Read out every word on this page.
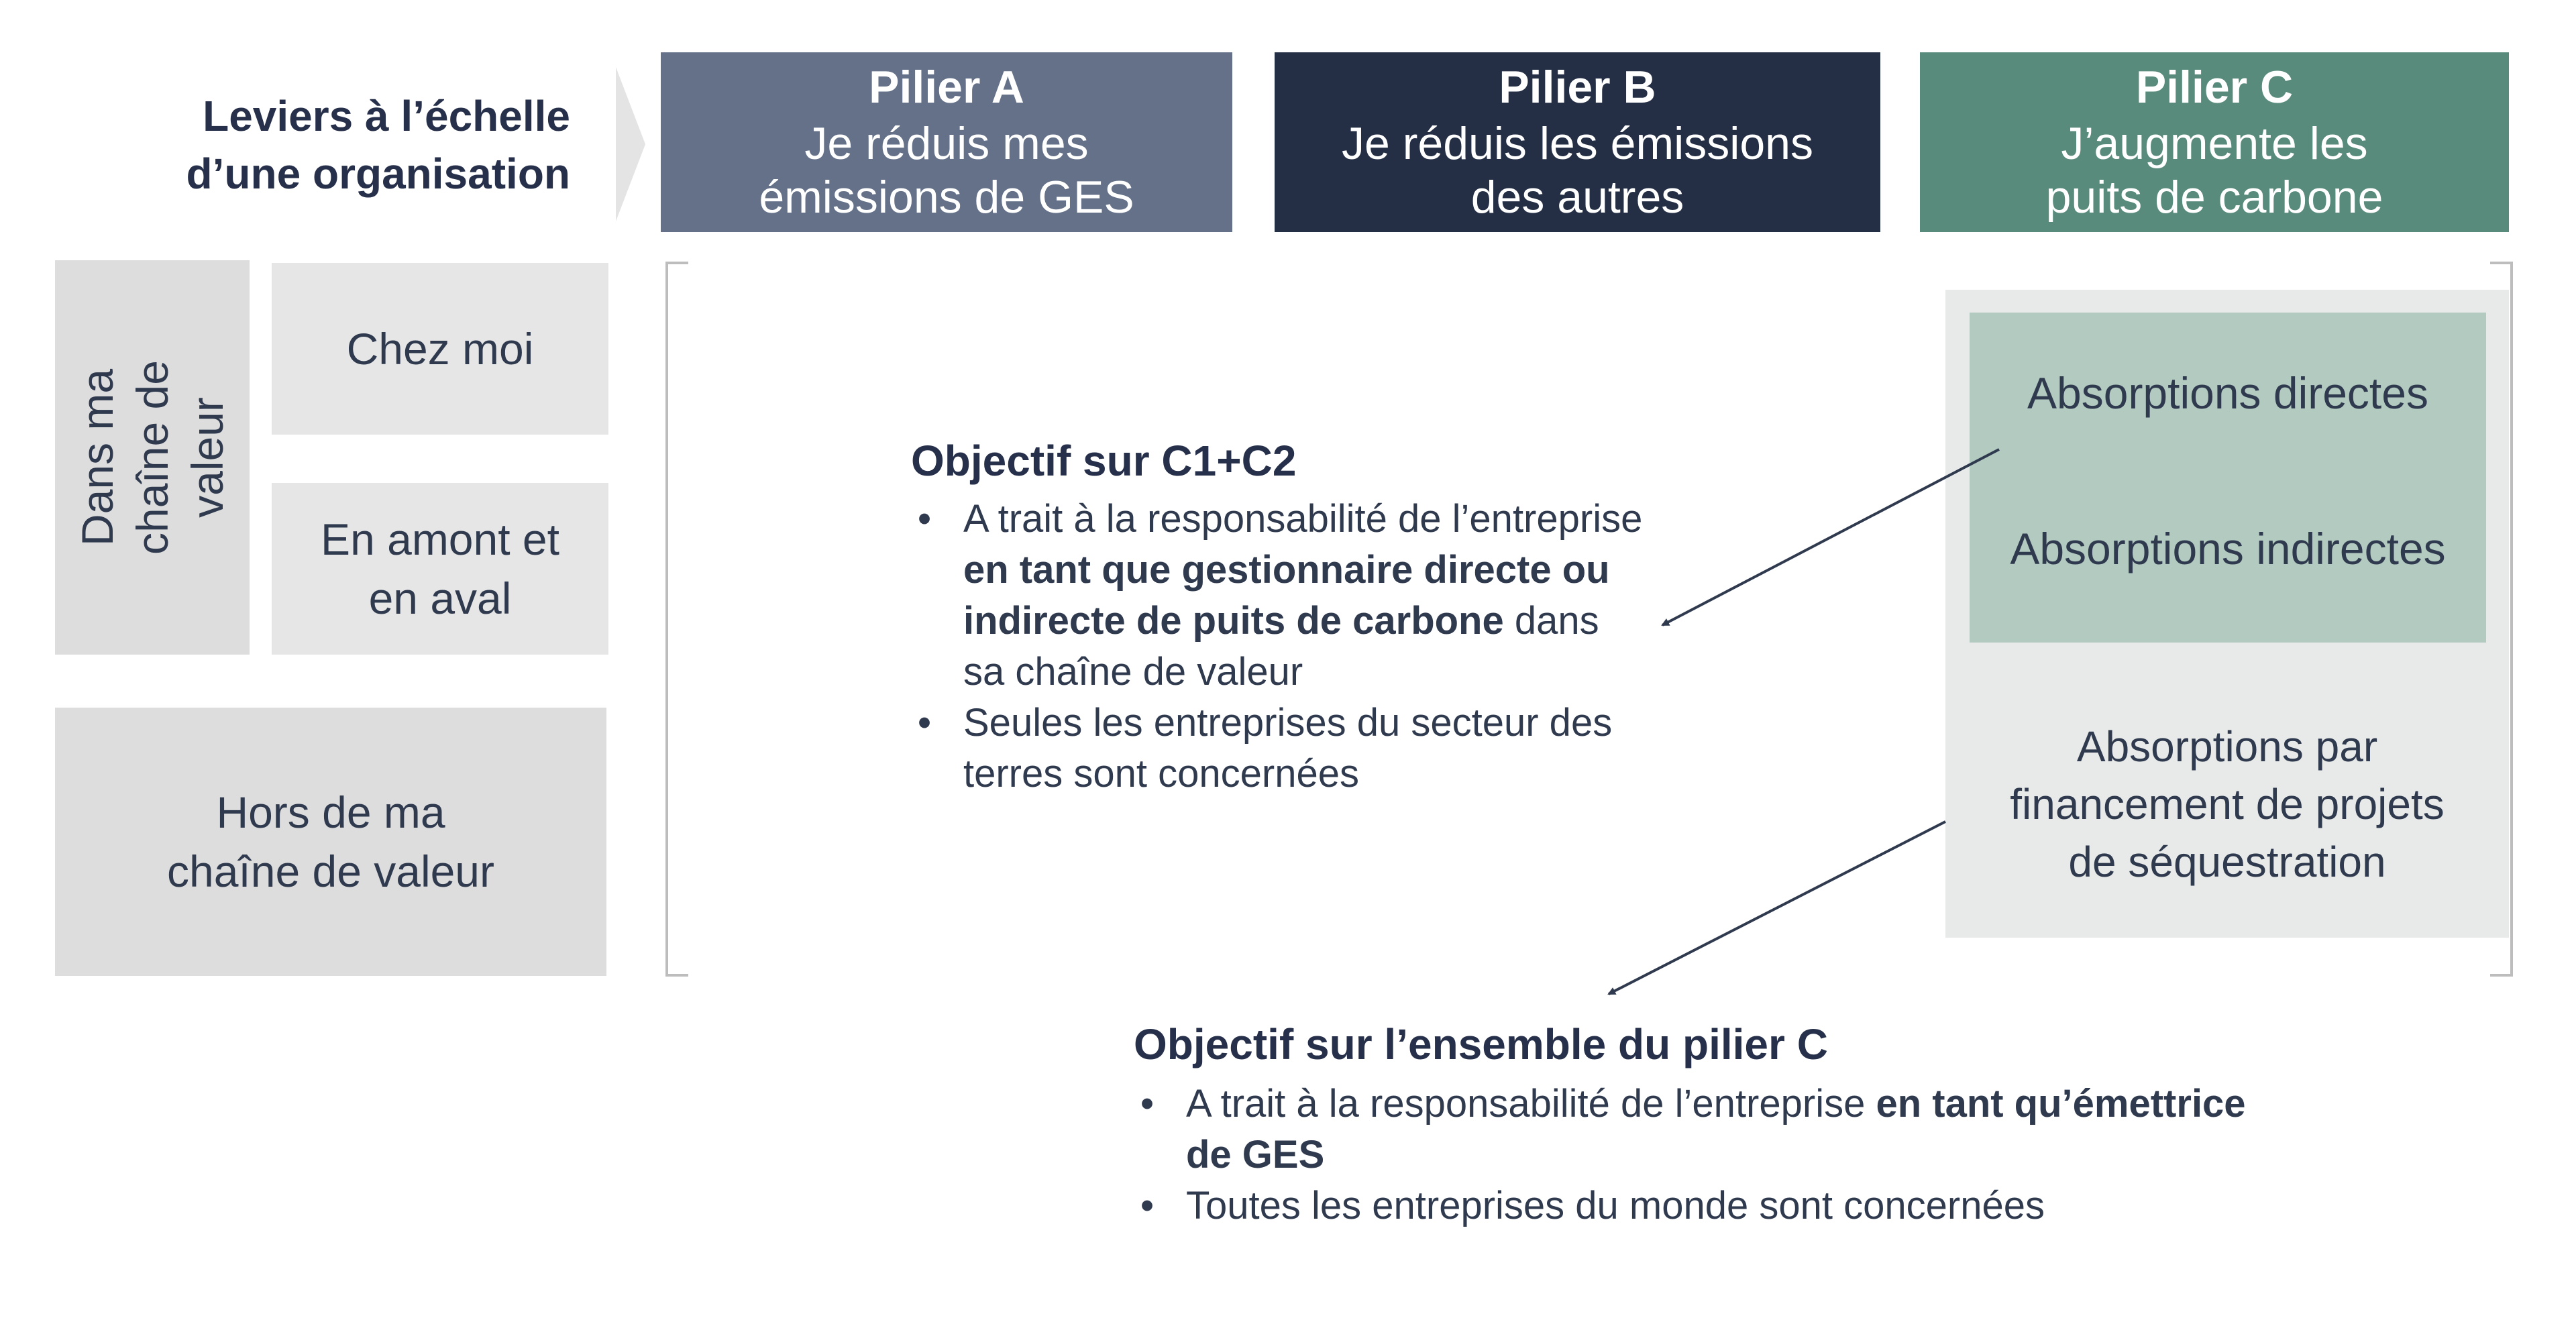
Leviers à l’échelle
d’une organisation
Pilier A
Je réduis mes
émissions de GES
Pilier B
Je réduis les émissions
des autres
Pilier C
J’augmente les
puits de carbone
Dans ma chaîne de valeur
Chez moi
En amont et
en aval
Hors de ma
chaîne de valeur
Absorptions directes
Absorptions indirectes
Absorptions par
financement de projets
de séquestration
Objectif sur C1+C2
• A trait à la responsabilité de l’entreprise en tant que gestionnaire directe ou indirecte de puits de carbone dans sa chaîne de valeur
• Seules les entreprises du secteur des terres sont concernées
Objectif sur l’ensemble du pilier C
• A trait à la responsabilité de l’entreprise en tant qu’émettrice de GES
• Toutes les entreprises du monde sont concernées
